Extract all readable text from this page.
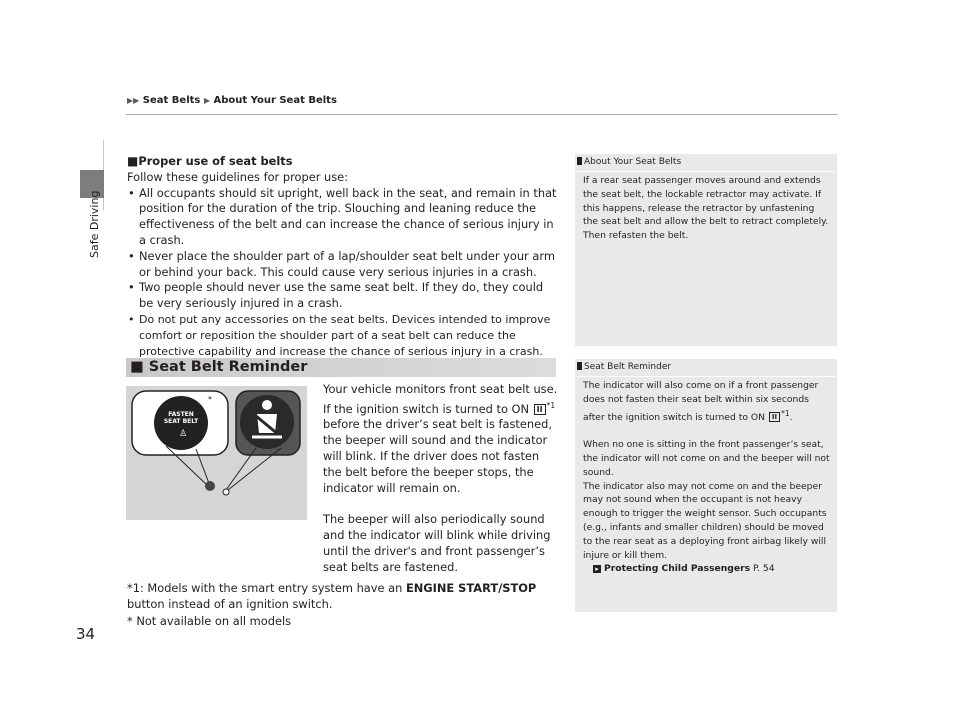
Safe Driving
34
▶▶ Seat Belts ▶ About Your Seat Belts
■Proper use of seat belts
Follow these guidelines for proper use:
• All occupants should sit upright, well back in the seat, and remain in that position for the duration of the trip. Slouching and leaning reduce the effectiveness of the belt and can increase the chance of serious injury in a crash.
• Never place the shoulder part of a lap/shoulder seat belt under your arm or behind your back. This could cause very serious injuries in a crash.
• Two people should never use the same seat belt. If they do, they could be very seriously injured in a crash.
• Do not put any accessories on the seat belts. Devices intended to improve comfort or reposition the shoulder part of a seat belt can reduce the protective capability and increase the chance of serious injury in a crash.
■ Seat Belt Reminder
FASTEN
SEAT BELT
♙
*

Your vehicle monitors front seat belt use. If the ignition switch is turned to ON II $^{*1}$ before the driver’s seat belt is fastened, the beeper will sound and the indicator will blink. If the driver does not fasten the belt before the beeper stops, the indicator will remain on.

The beeper will also periodically sound and the indicator will blink while driving until the driver's and front passenger’s seat belts are fastened.

*1: Models with the smart entry system have an ENGINE START/STOP button instead of an ignition switch.
* Not available on all models
About Your Seat Belts

If a rear seat passenger moves around and extends the seat belt, the lockable retractor may activate. If this happens, release the retractor by unfastening the seat belt and allow the belt to retract completely. Then refasten the belt.

Seat Belt Reminder

The indicator will also come on if a front passenger does not fasten their seat belt within six seconds after the ignition switch is turned to ON II $^{*1}$.

When no one is sitting in the front passenger’s seat, the indicator will not come on and the beeper will not sound.

The indicator also may not come on and the beeper may not sound when the occupant is not heavy enough to trigger the weight sensor. Such occupants (e.g., infants and smaller children) should be moved to the rear seat as a deploying front airbag likely will injure or kill them.

▸ Protecting Child Passengers P. 54
